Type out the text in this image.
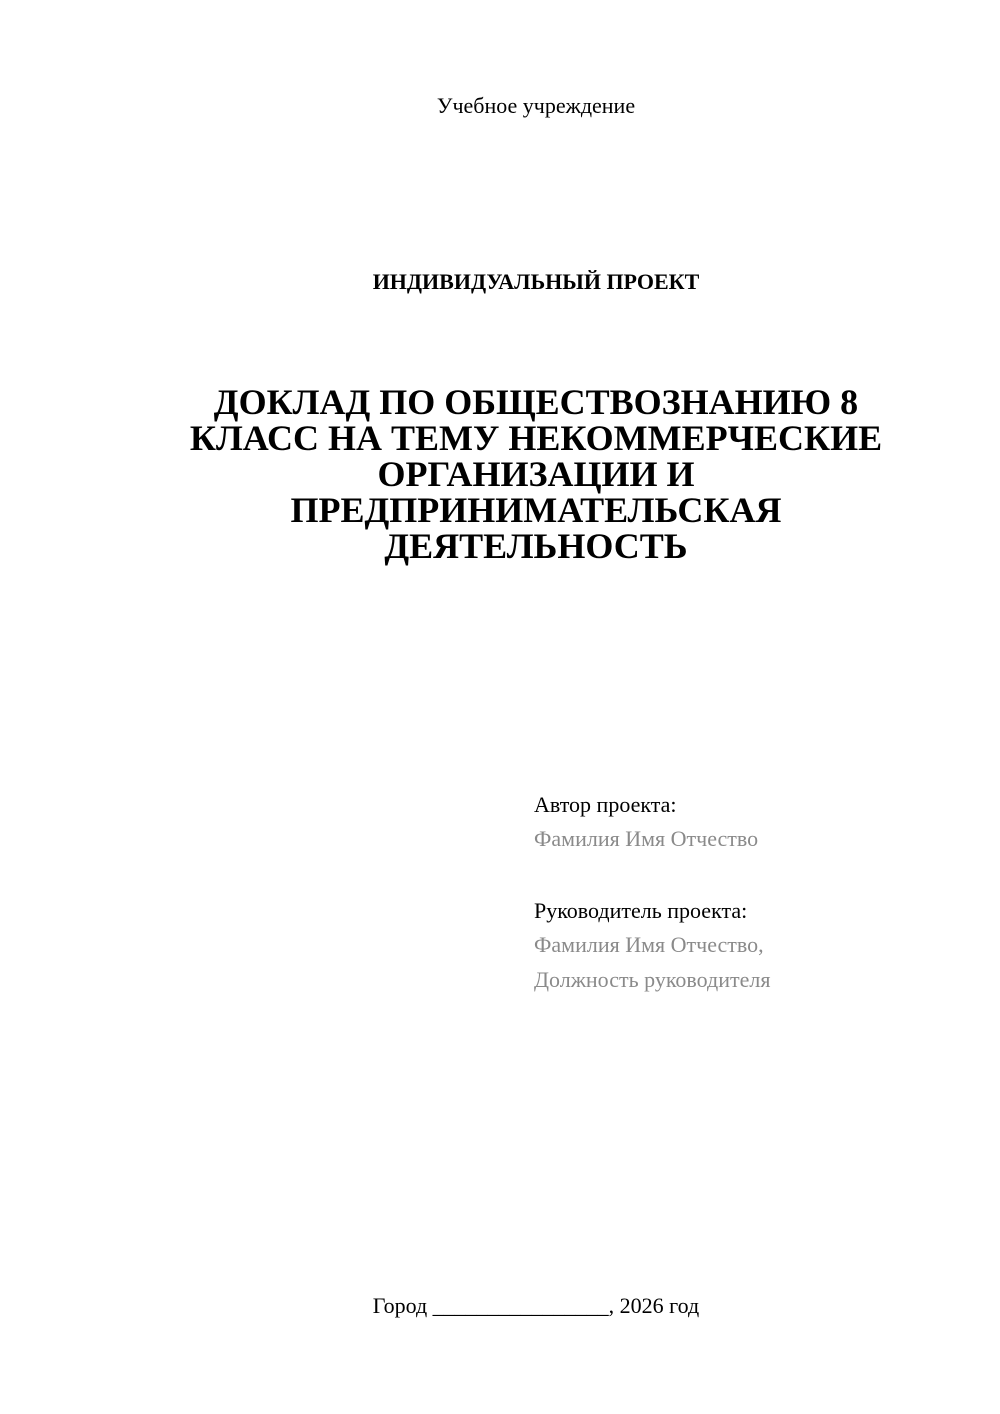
Учебное учреждение

ИНДИВИДУАЛЬНЫЙ ПРОЕКТ

ДОКЛАД ПО ОБЩЕСТВОЗНАНИЮ 8
КЛАСС НА ТЕМУ НЕКОММЕРЧЕСКИЕ
ОРГАНИЗАЦИИ И
ПРЕДПРИНИМАТЕЛЬСКАЯ
ДЕЯТЕЛЬНОСТЬ

Автор проекта:

Фамилия Имя Отчество

Руководитель проекта:

Фамилия Имя Отчество,

Должность руководителя

Город ________________, 2026 год
